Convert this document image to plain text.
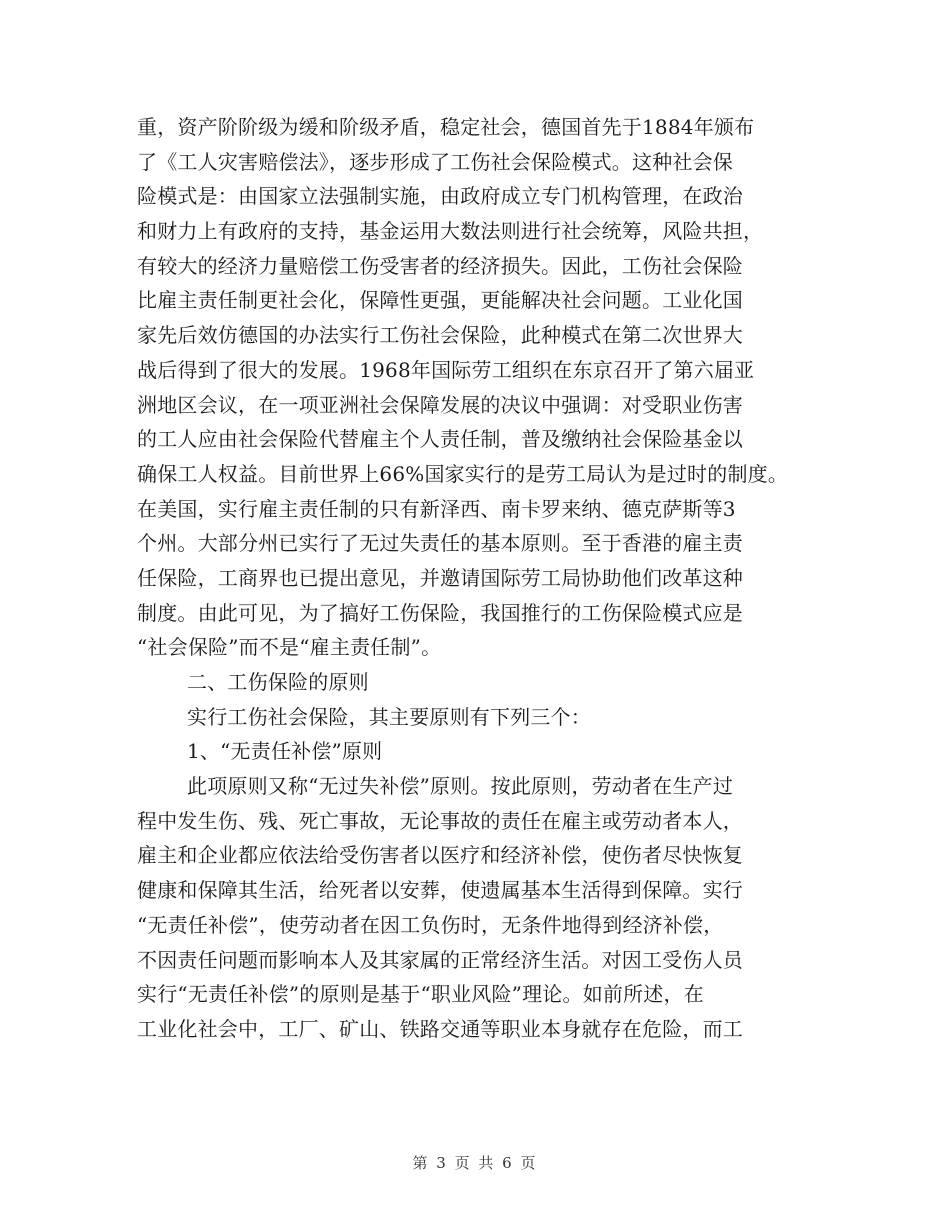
重，资产阶阶级为缓和阶级矛盾，稳定社会，德国首先于1884年颁布
了《工人灾害赔偿法》，逐步形成了工伤社会保险模式。这种社会保
险模式是：由国家立法强制实施，由政府成立专门机构管理，在政治
和财力上有政府的支持，基金运用大数法则进行社会统筹，风险共担，
有较大的经济力量赔偿工伤受害者的经济损失。因此，工伤社会保险
比雇主责任制更社会化，保障性更强，更能解决社会问题。工业化国
家先后效仿德国的办法实行工伤社会保险，此种模式在第二次世界大
战后得到了很大的发展。1968年国际劳工组织在东京召开了第六届亚
洲地区会议，在一项亚洲社会保障发展的决议中强调：对受职业伤害
的工人应由社会保险代替雇主个人责任制，普及缴纳社会保险基金以
确保工人权益。目前世界上66%国家实行的是劳工局认为是过时的制度。
在美国，实行雇主责任制的只有新泽西、南卡罗来纳、德克萨斯等3
个州。大部分州已实行了无过失责任的基本原则。至于香港的雇主责
任保险，工商界也已提出意见，并邀请国际劳工局协助他们改革这种
制度。由此可见，为了搞好工伤保险，我国推行的工伤保险模式应是
“社会保险”而不是“雇主责任制”。
二、工伤保险的原则
实行工伤社会保险，其主要原则有下列三个：
1、“无责任补偿”原则
此项原则又称“无过失补偿”原则。按此原则，劳动者在生产过
程中发生伤、残、死亡事故，无论事故的责任在雇主或劳动者本人，
雇主和企业都应依法给受伤害者以医疗和经济补偿，使伤者尽快恢复
健康和保障其生活，给死者以安葬，使遗属基本生活得到保障。实行
“无责任补偿”，使劳动者在因工负伤时，无条件地得到经济补偿，
不因责任问题而影响本人及其家属的正常经济生活。对因工受伤人员
实行“无责任补偿”的原则是基于“职业风险”理论。如前所述，在
工业化社会中，工厂、矿山、铁路交通等职业本身就存在危险，而工
第 3 页 共 6 页
